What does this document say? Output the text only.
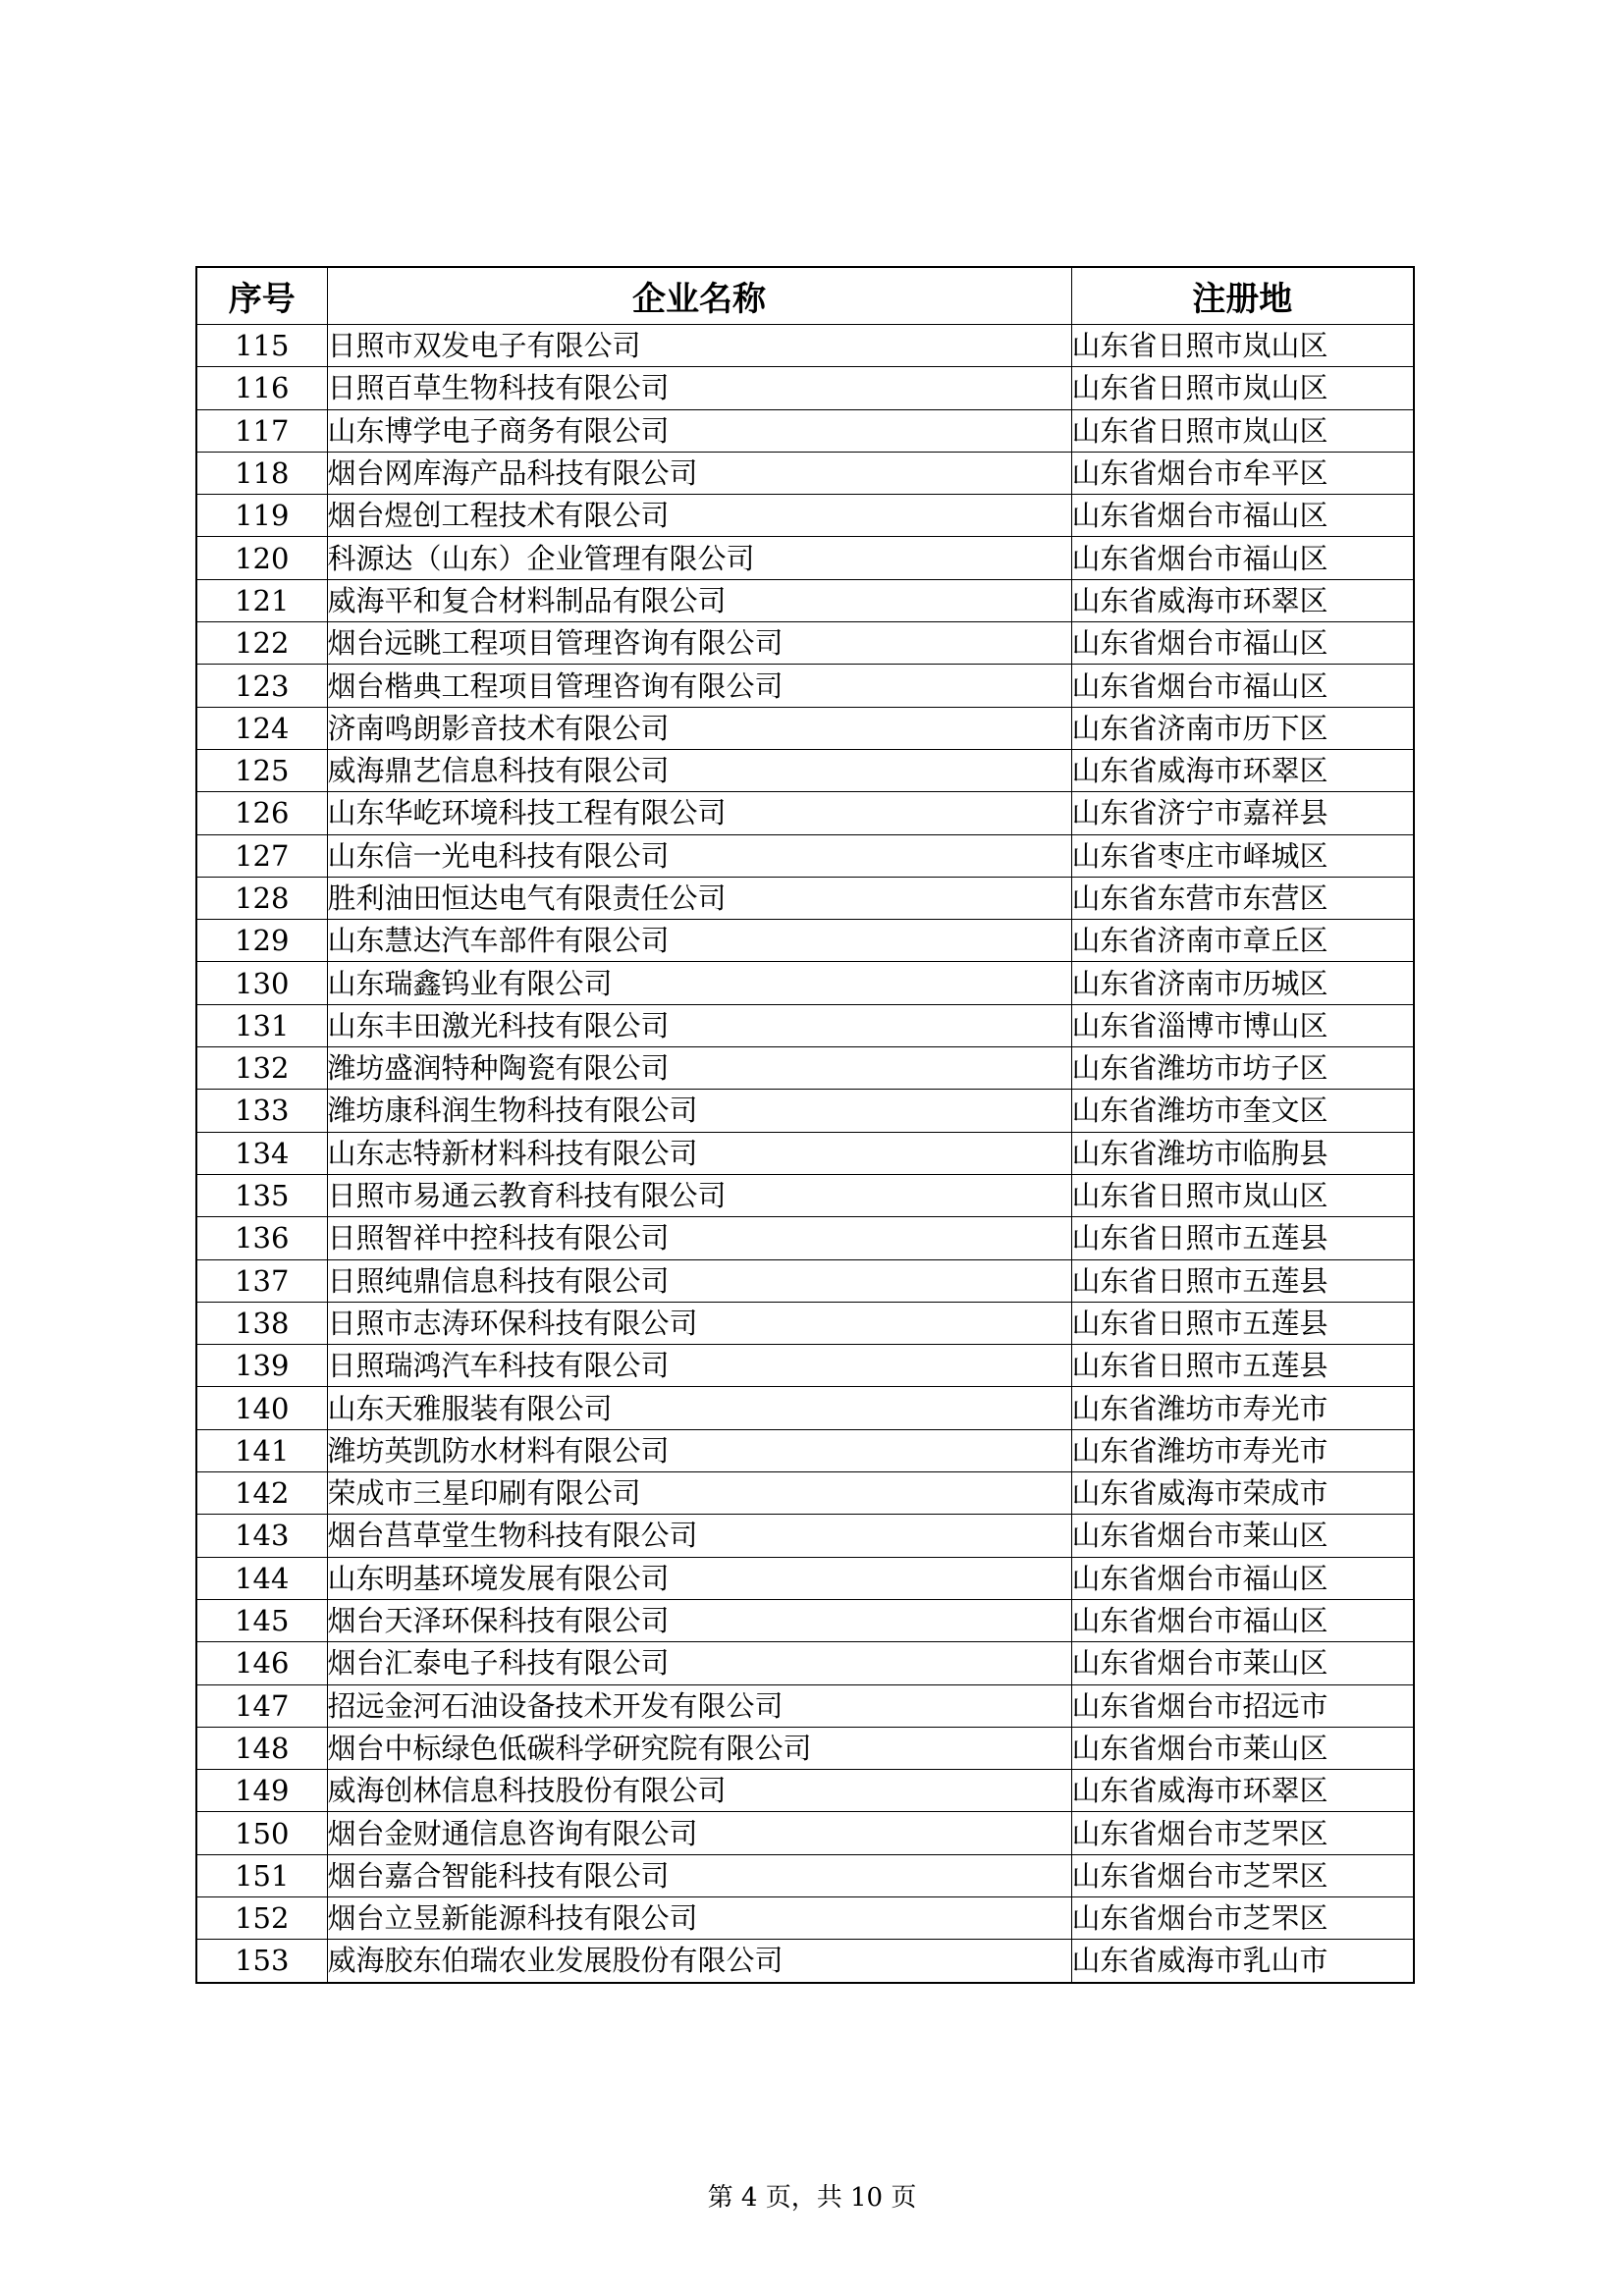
序号	企业名称	注册地
115	日照市双发电子有限公司	山东省日照市岚山区
116	日照百草生物科技有限公司	山东省日照市岚山区
117	山东博学电子商务有限公司	山东省日照市岚山区
118	烟台网库海产品科技有限公司	山东省烟台市牟平区
119	烟台煜创工程技术有限公司	山东省烟台市福山区
120	科源达（山东）企业管理有限公司	山东省烟台市福山区
121	威海平和复合材料制品有限公司	山东省威海市环翠区
122	烟台远眺工程项目管理咨询有限公司	山东省烟台市福山区
123	烟台楷典工程项目管理咨询有限公司	山东省烟台市福山区
124	济南鸣朗影音技术有限公司	山东省济南市历下区
125	威海鼎艺信息科技有限公司	山东省威海市环翠区
126	山东华屹环境科技工程有限公司	山东省济宁市嘉祥县
127	山东信一光电科技有限公司	山东省枣庄市峄城区
128	胜利油田恒达电气有限责任公司	山东省东营市东营区
129	山东慧达汽车部件有限公司	山东省济南市章丘区
130	山东瑞鑫钨业有限公司	山东省济南市历城区
131	山东丰田激光科技有限公司	山东省淄博市博山区
132	潍坊盛润特种陶瓷有限公司	山东省潍坊市坊子区
133	潍坊康科润生物科技有限公司	山东省潍坊市奎文区
134	山东志特新材料科技有限公司	山东省潍坊市临朐县
135	日照市易通云教育科技有限公司	山东省日照市岚山区
136	日照智祥中控科技有限公司	山东省日照市五莲县
137	日照纯鼎信息科技有限公司	山东省日照市五莲县
138	日照市志涛环保科技有限公司	山东省日照市五莲县
139	日照瑞鸿汽车科技有限公司	山东省日照市五莲县
140	山东天雅服装有限公司	山东省潍坊市寿光市
141	潍坊英凯防水材料有限公司	山东省潍坊市寿光市
142	荣成市三星印刷有限公司	山东省威海市荣成市
143	烟台莒草堂生物科技有限公司	山东省烟台市莱山区
144	山东明基环境发展有限公司	山东省烟台市福山区
145	烟台天泽环保科技有限公司	山东省烟台市福山区
146	烟台汇泰电子科技有限公司	山东省烟台市莱山区
147	招远金河石油设备技术开发有限公司	山东省烟台市招远市
148	烟台中标绿色低碳科学研究院有限公司	山东省烟台市莱山区
149	威海创林信息科技股份有限公司	山东省威海市环翠区
150	烟台金财通信息咨询有限公司	山东省烟台市芝罘区
151	烟台嘉合智能科技有限公司	山东省烟台市芝罘区
152	烟台立昱新能源科技有限公司	山东省烟台市芝罘区
153	威海胶东伯瑞农业发展股份有限公司	山东省威海市乳山市
第 4 页，共 10 页
